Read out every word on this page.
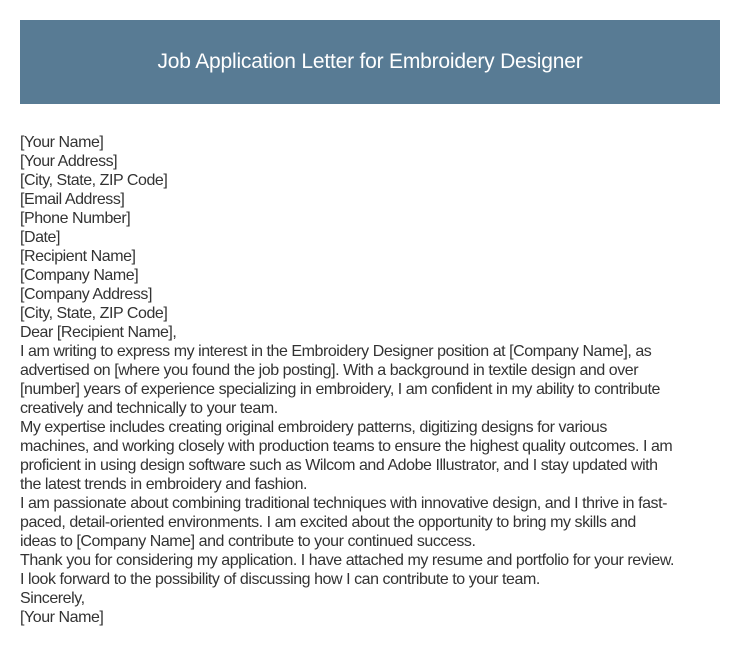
Job Application Letter for Embroidery Designer
[Your Name]
[Your Address]
[City, State, ZIP Code]
[Email Address]
[Phone Number]
[Date]
[Recipient Name]
[Company Name]
[Company Address]
[City, State, ZIP Code]
Dear [Recipient Name],
I am writing to express my interest in the Embroidery Designer position at [Company Name], as
advertised on [where you found the job posting]. With a background in textile design and over
[number] years of experience specializing in embroidery, I am confident in my ability to contribute
creatively and technically to your team.
My expertise includes creating original embroidery patterns, digitizing designs for various
machines, and working closely with production teams to ensure the highest quality outcomes. I am
proficient in using design software such as Wilcom and Adobe Illustrator, and I stay updated with
the latest trends in embroidery and fashion.
I am passionate about combining traditional techniques with innovative design, and I thrive in fast-
paced, detail-oriented environments. I am excited about the opportunity to bring my skills and
ideas to [Company Name] and contribute to your continued success.
Thank you for considering my application. I have attached my resume and portfolio for your review.
I look forward to the possibility of discussing how I can contribute to your team.
Sincerely,
[Your Name]
